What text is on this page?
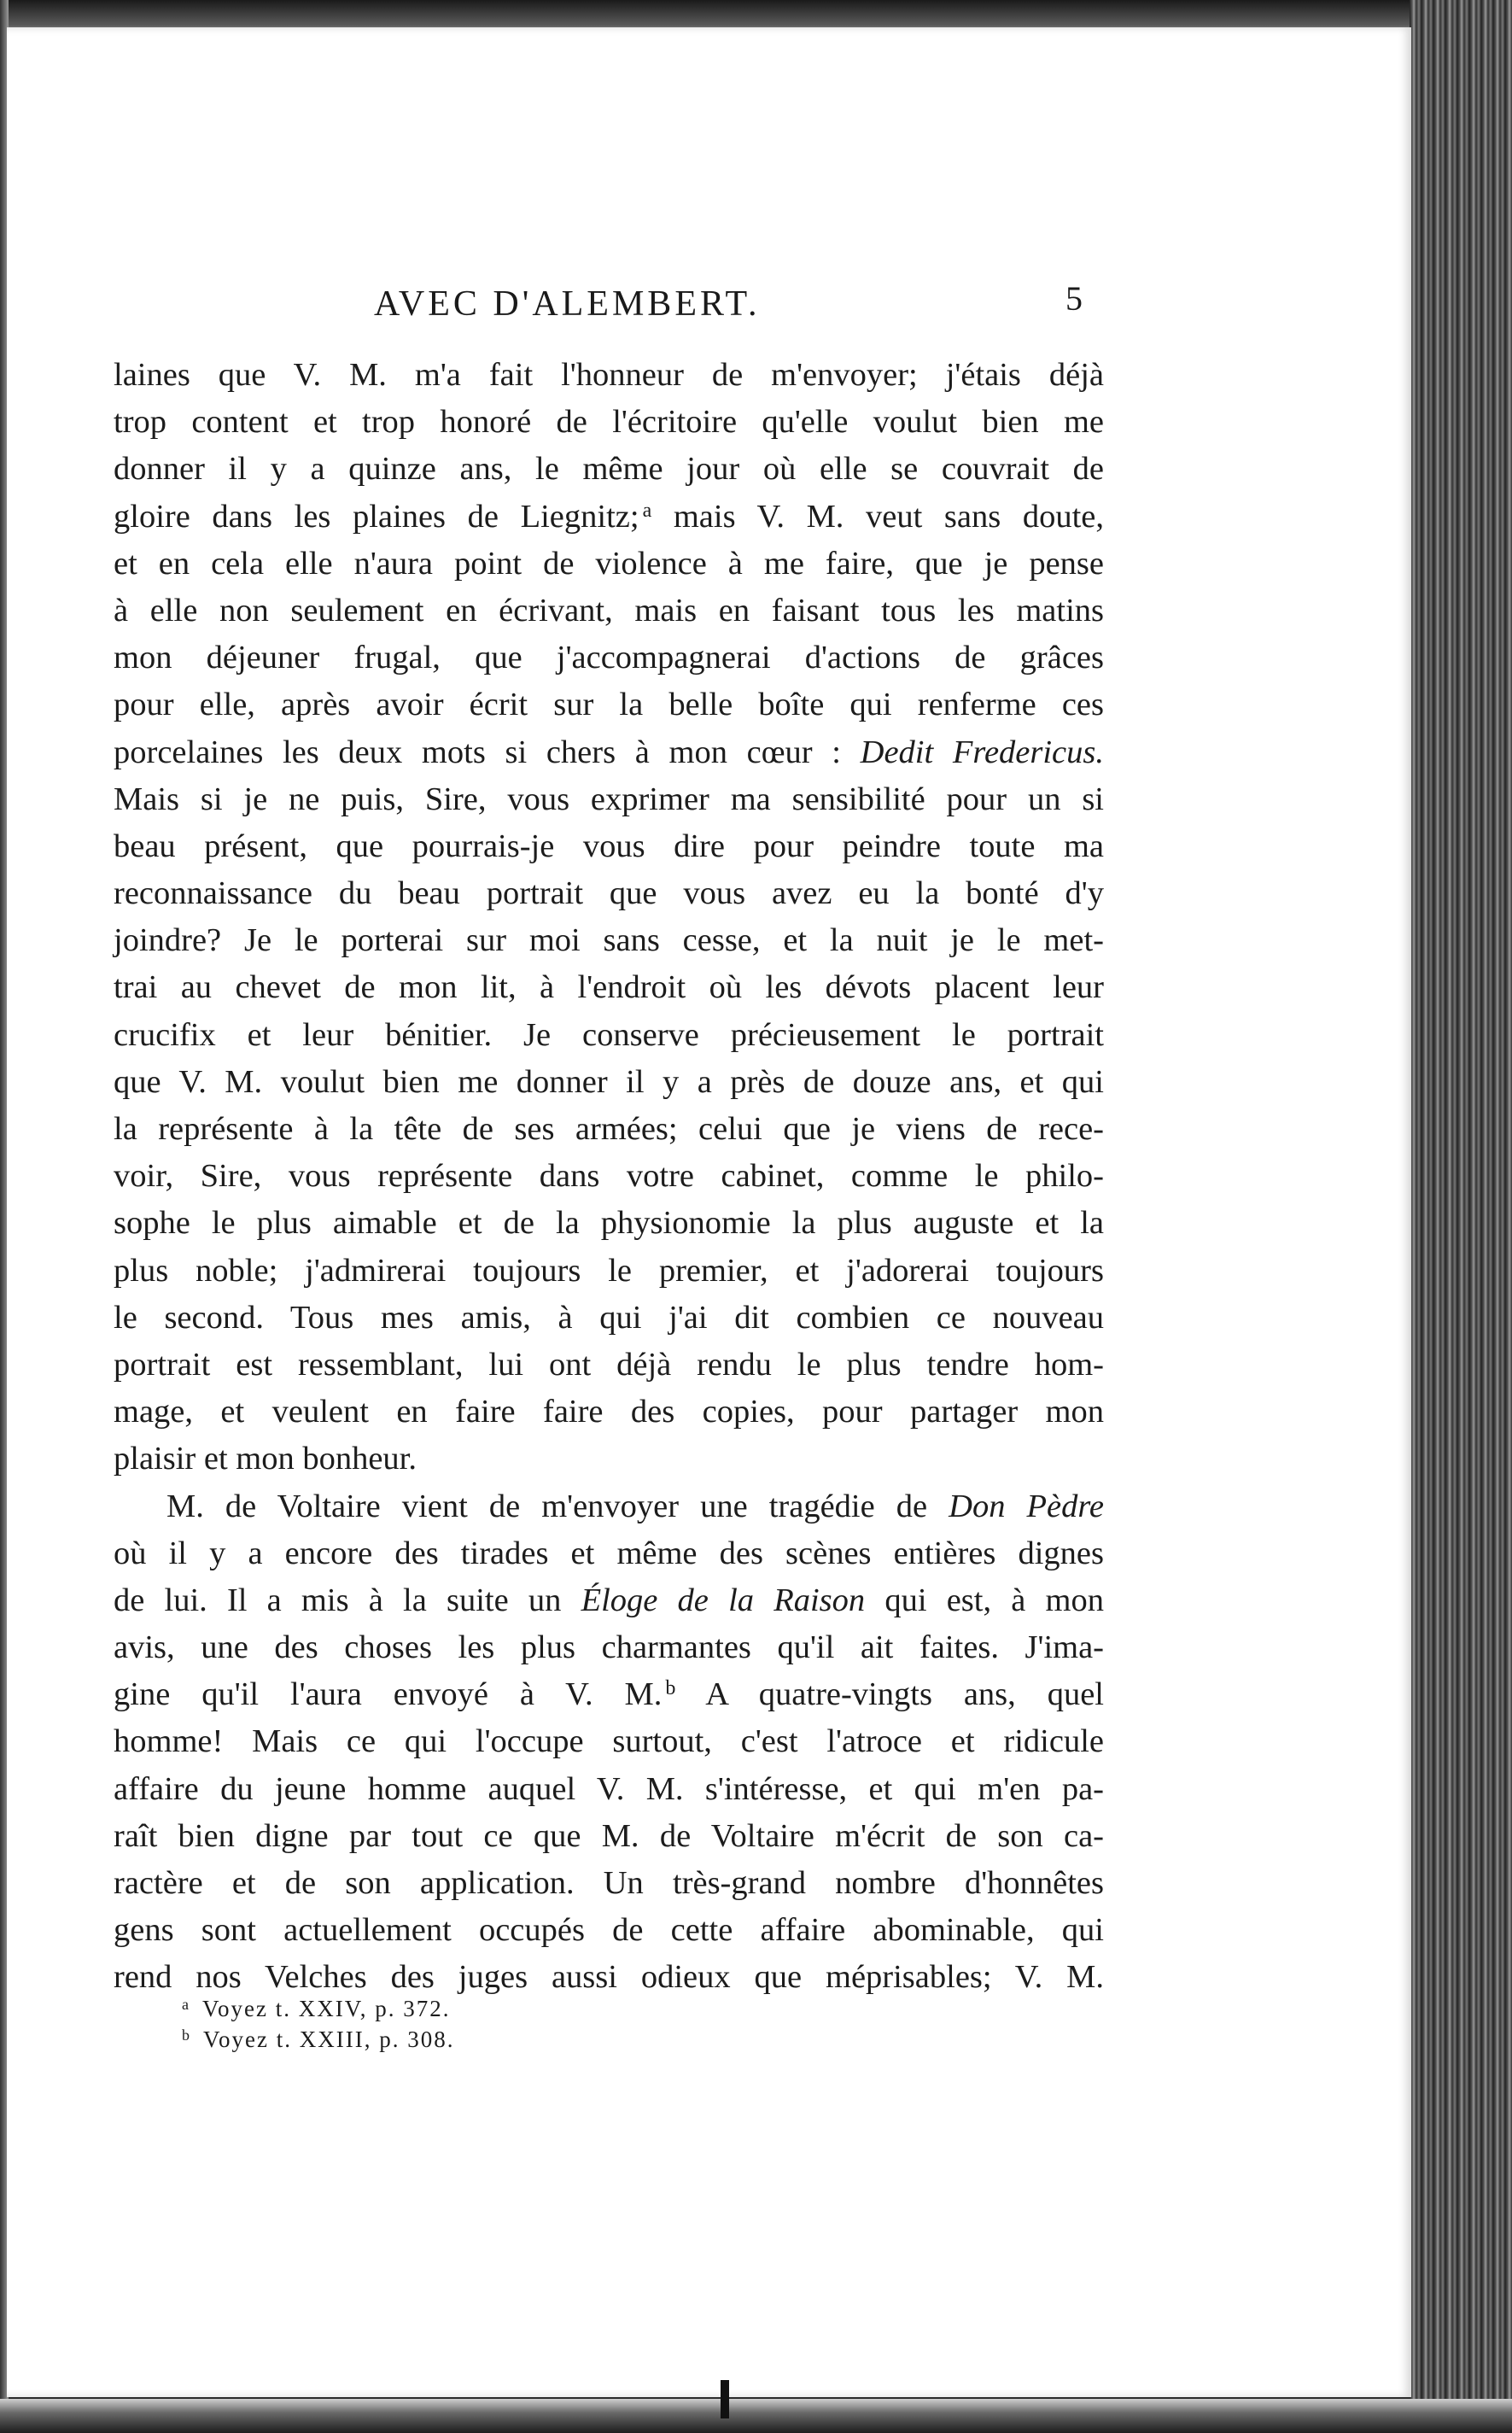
AVEC D'ALEMBERT.	5
laines que V. M. m'a fait l'honneur de m'envoyer; j'étais déjà
trop content et trop honoré de l'écritoire qu'elle voulut bien me
donner il y a quinze ans, le même jour où elle se couvrait de
gloire dans les plaines de Liegnitz; $^a$ mais V. M. veut sans doute,
et en cela elle n'aura point de violence à me faire, que je pense
à elle non seulement en écrivant, mais en faisant tous les matins
mon déjeuner frugal, que j'accompagnerai d'actions de grâces
pour elle, après avoir écrit sur la belle boîte qui renferme ces
porcelaines les deux mots si chers à mon cœur : Dedit Fredericus.
Mais si je ne puis, Sire, vous exprimer ma sensibilité pour un si
beau présent, que pourrais-je vous dire pour peindre toute ma
reconnaissance du beau portrait que vous avez eu la bonté d'y
joindre? Je le porterai sur moi sans cesse, et la nuit je le met-
trai au chevet de mon lit, à l'endroit où les dévots placent leur
crucifix et leur bénitier. Je conserve précieusement le portrait
que V. M. voulut bien me donner il y a près de douze ans, et qui
la représente à la tête de ses armées; celui que je viens de rece-
voir, Sire, vous représente dans votre cabinet, comme le philo-
sophe le plus aimable et de la physionomie la plus auguste et la
plus noble; j'admirerai toujours le premier, et j'adorerai toujours
le second. Tous mes amis, à qui j'ai dit combien ce nouveau
portrait est ressemblant, lui ont déjà rendu le plus tendre hom-
mage, et veulent en faire faire des copies, pour partager mon
plaisir et mon bonheur.
M. de Voltaire vient de m'envoyer une tragédie de Don Pèdre
où il y a encore des tirades et même des scènes entières dignes
de lui. Il a mis à la suite un Éloge de la Raison qui est, à mon
avis, une des choses les plus charmantes qu'il ait faites. J'ima-
gine qu'il l'aura envoyé à V. M. $^b$ A quatre-vingts ans, quel
homme! Mais ce qui l'occupe surtout, c'est l'atroce et ridicule
affaire du jeune homme auquel V. M. s'intéresse, et qui m'en pa-
raît bien digne par tout ce que M. de Voltaire m'écrit de son ca-
ractère et de son application. Un très-grand nombre d'honnêtes
gens sont actuellement occupés de cette affaire abominable, qui
rend nos Velches des juges aussi odieux que méprisables; V. M.
$^a$ Voyez t. XXIV, p. 372.
$^b$ Voyez t. XXIII, p. 308.
